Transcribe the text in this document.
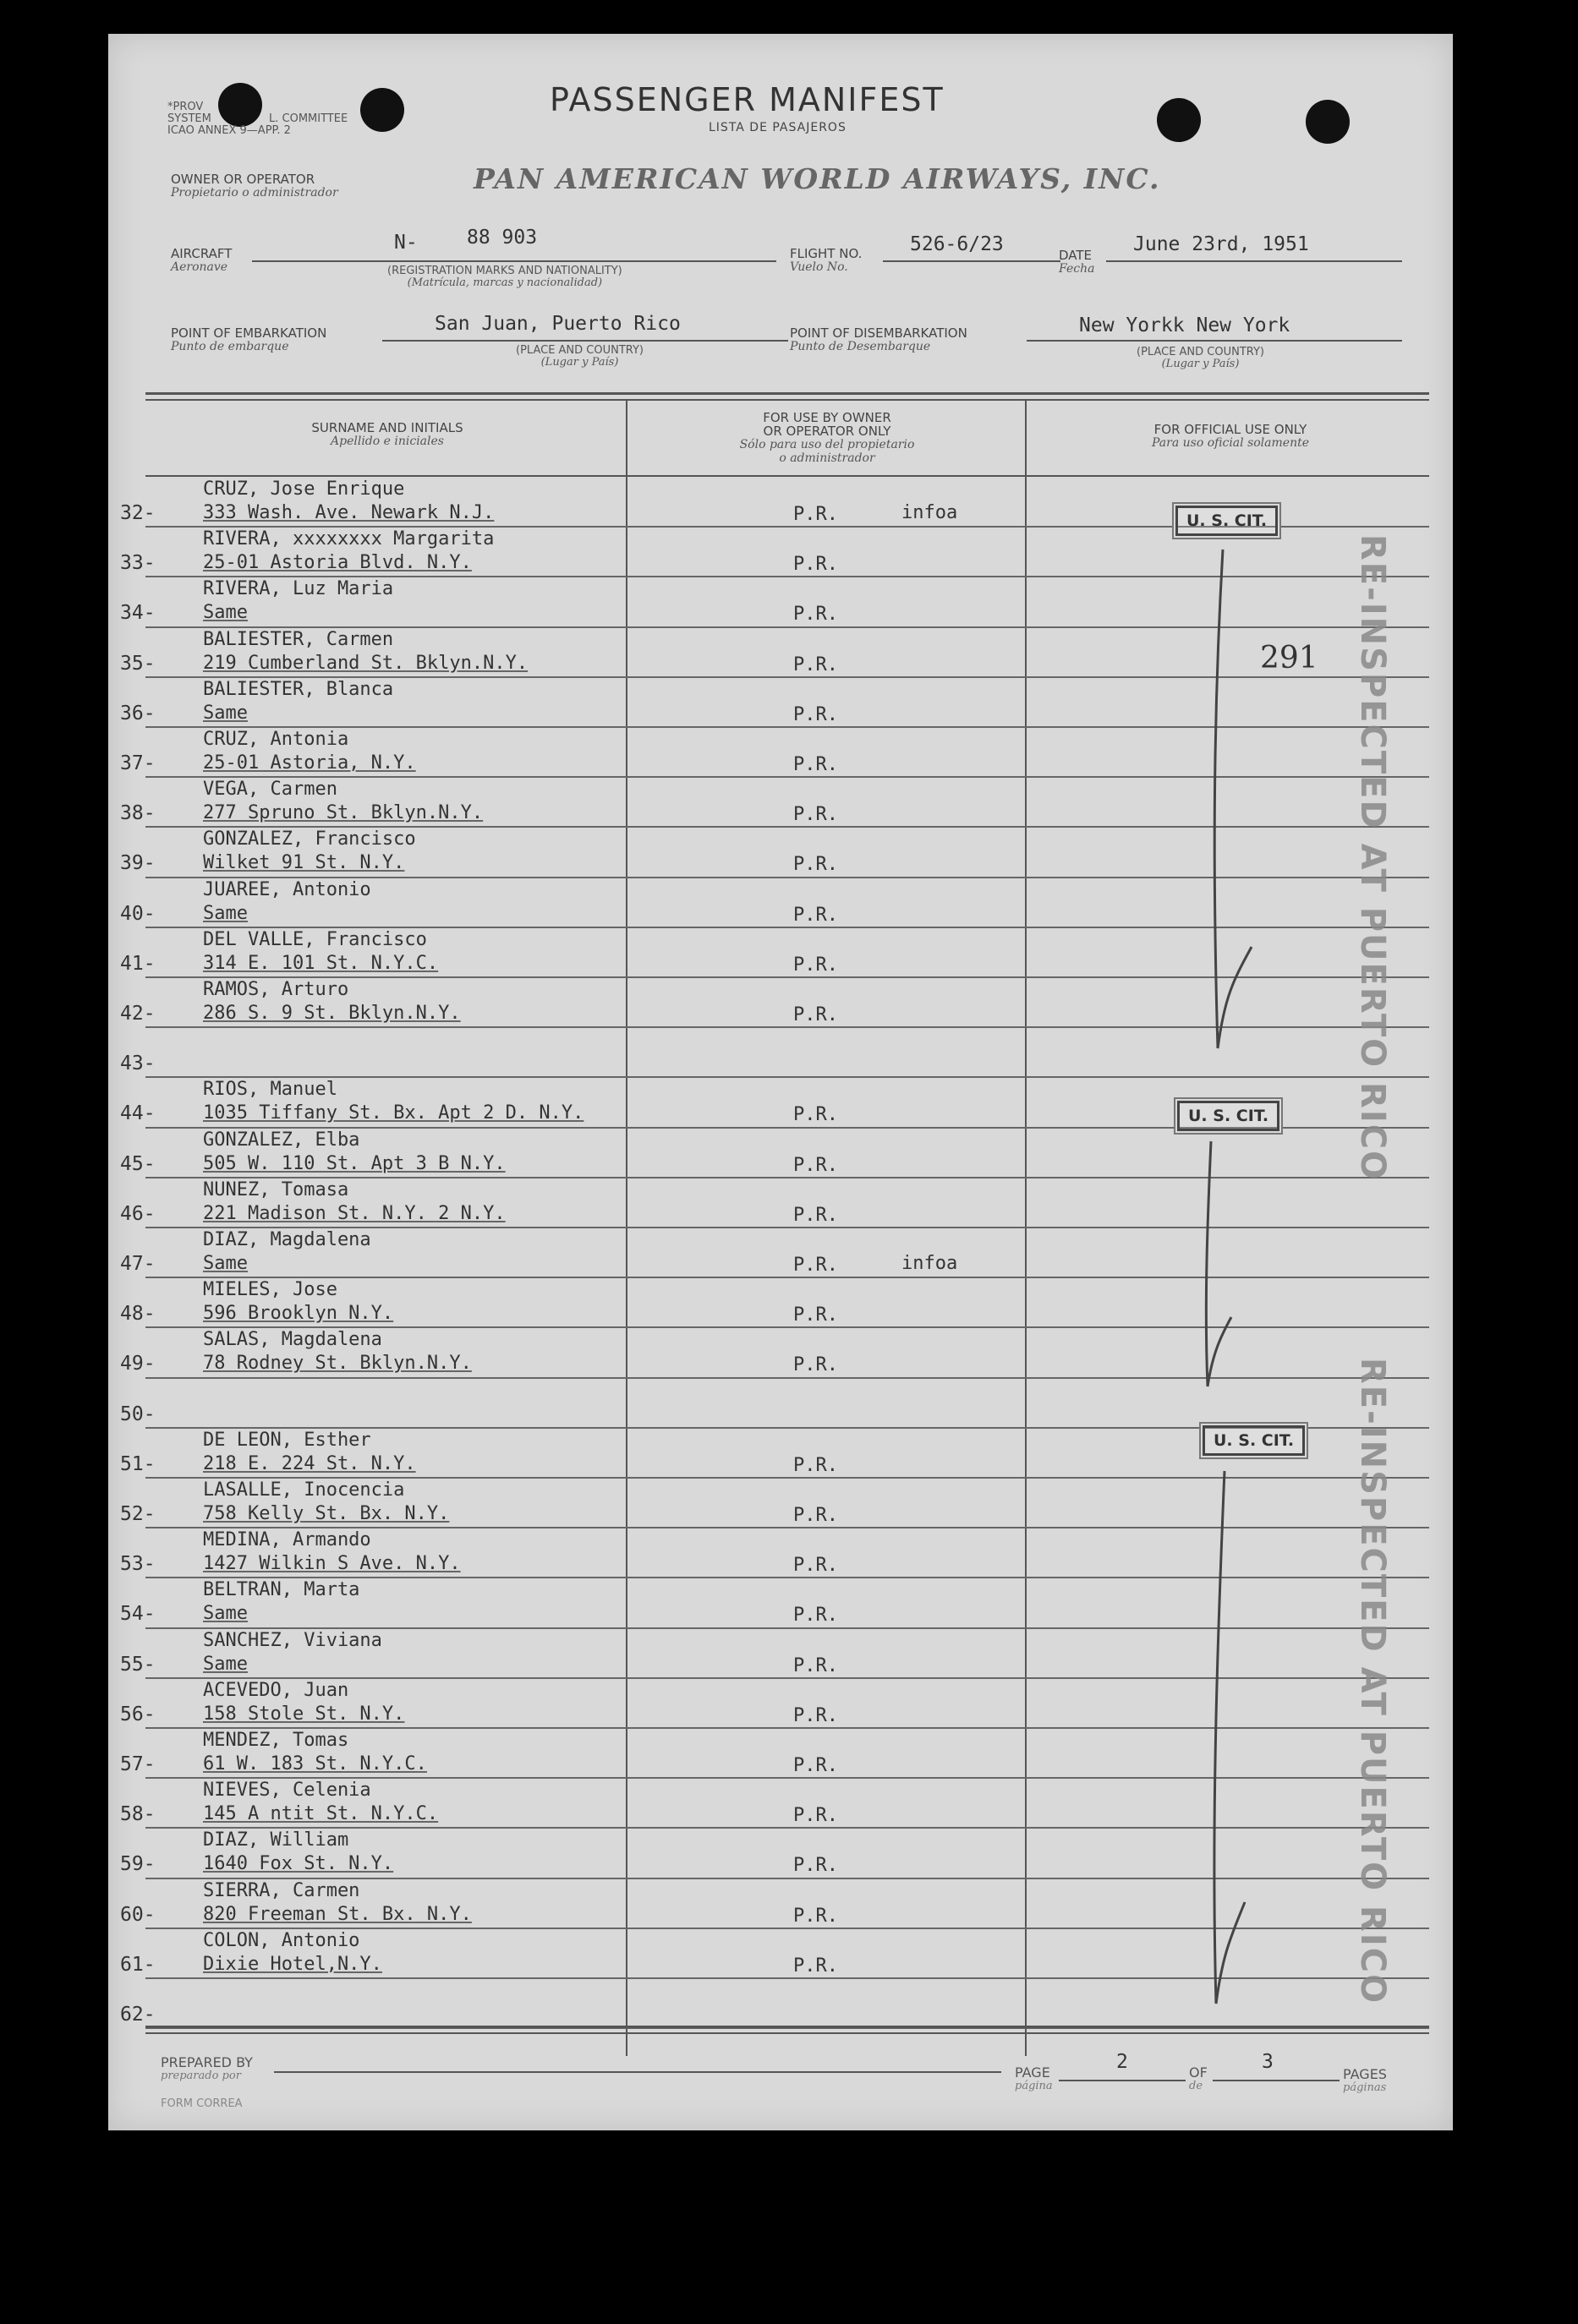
*PROV
SYSTEM	L. COMMITTEE
ICAO ANNEX 9—APP. 2
PASSENGER MANIFEST
LISTA DE PASAJEROS
OWNER OR OPERATOR
Propietario o administrador	PAN AMERICAN WORLD AIRWAYS, INC.
AIRCRAFT
Aeronave
N-	88 903
(REGISTRATION MARKS AND NATIONALITY)
(Matrícula, marcas y nacionalidad)
FLIGHT NO.
Vuelo No.
526-6/23	DATE
Fecha
June 23rd, 1951
POINT OF EMBARKATION
Punto de embarque
San Juan, Puerto Rico
(PLACE AND COUNTRY)
(Lugar y País)
POINT OF DISEMBARKATION
Punto de Desembarque
New Yorkk New York
(PLACE AND COUNTRY)
(Lugar y País)
SURNAME AND INITIALS
Apellido e iniciales
FOR USE BY OWNER
OR OPERATOR ONLY
Sólo para uso del propietario
o administrador
FOR OFFICIAL USE ONLY
Para uso oficial solamente
32-
CRUZ, Jose Enrique
333 Wash. Ave. Newark N.J.	P.R.	infoa
33-
RIVERA, xxxxxxxx Margarita
25-01 Astoria Blvd. N.Y.	P.R.
34-
RIVERA, Luz Maria
Same	P.R.
35-
BALIESTER, Carmen
219 Cumberland St. Bklyn.N.Y.	P.R.
36-
BALIESTER, Blanca
Same	P.R.
37-
CRUZ, Antonia
25-01 Astoria, N.Y.	P.R.
38-
VEGA, Carmen
277 Spruno St. Bklyn.N.Y.	P.R.
39-
GONZALEZ, Francisco
Wilket 91 St. N.Y.	P.R.
40-
JUAREE, Antonio
Same	P.R.
41-
DEL VALLE, Francisco
314 E. 101 St. N.Y.C.	P.R.
42-
RAMOS, Arturo
286 S. 9 St. Bklyn.N.Y.	P.R.
43-
44-
RIOS, Manuel
1035 Tiffany St. Bx. Apt 2 D. N.Y.	P.R.
45-
GONZALEZ, Elba
505 W. 110 St. Apt 3 B N.Y.	P.R.
46-
NUNEZ, Tomasa
221 Madison St. N.Y. 2 N.Y.	P.R.
47-
DIAZ, Magdalena
Same	P.R.	infoa
48-
MIELES, Jose
596 Brooklyn N.Y.	P.R.
49-
SALAS, Magdalena
78 Rodney St. Bklyn.N.Y.	P.R.
50-
51-
DE LEON, Esther
218 E. 224 St. N.Y.	P.R.
52-
LASALLE, Inocencia
758 Kelly St. Bx. N.Y.	P.R.
53-
MEDINA, Armando
1427 Wilkin S Ave. N.Y.	P.R.
54-
BELTRAN, Marta
Same	P.R.
55-
SANCHEZ, Viviana
Same	P.R.
56-
ACEVEDO, Juan
158 Stole St. N.Y.	P.R.
57-
MENDEZ, Tomas
61 W. 183 St. N.Y.C.	P.R.
58-
NIEVES, Celenia
145 A ntit St. N.Y.C.	P.R.
59-
DIAZ, William
1640 Fox St. N.Y.	P.R.
60-
SIERRA, Carmen
820 Freeman St. Bx. N.Y.	P.R.
61-
COLON, Antonio
Dixie Hotel,N.Y.	P.R.
62-
U. S. CIT.
U. S. CIT.
U. S. CIT.
291 RE-INSPECTED AT PUERTO RICO
RE-INSPECTED AT PUERTO RICO
PREPARED BY
preparado por
FORM CORREA
PAGE
página
2	OF
de
3
PAGES
páginas
